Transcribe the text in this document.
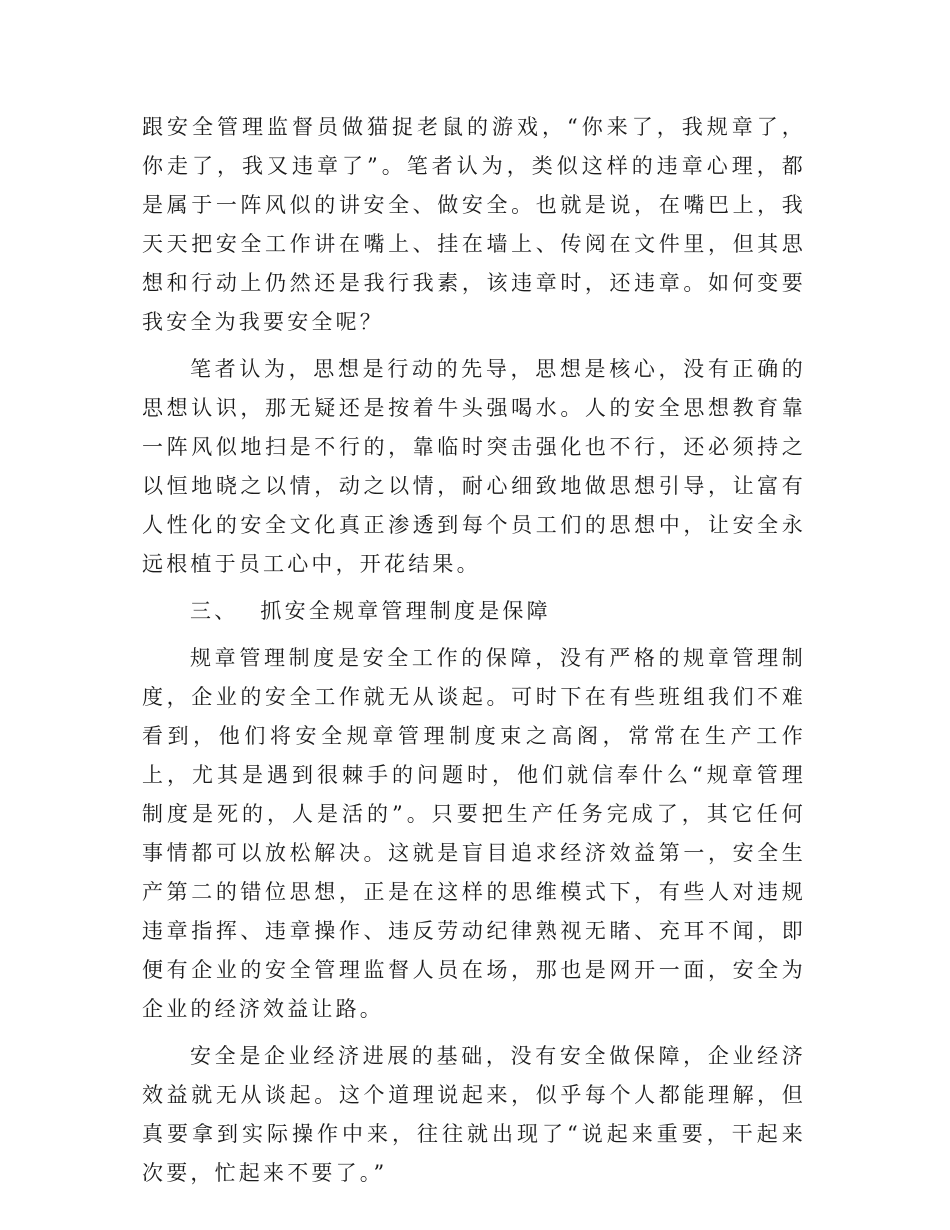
跟安全管理监督员做猫捉老鼠的游戏，“你来了，我规章了，你走了，我又违章了”。笔者认为，类似这样的违章心理，都是属于一阵风似的讲安全、做安全。也就是说，在嘴巴上，我天天把安全工作讲在嘴上、挂在墙上、传阅在文件里，但其思想和行动上仍然还是我行我素，该违章时，还违章。如何变要我安全为我要安全呢？

笔者认为，思想是行动的先导，思想是核心，没有正确的思想认识，那无疑还是按着牛头强喝水。人的安全思想教育靠一阵风似地扫是不行的，靠临时突击强化也不行，还必须持之以恒地晓之以情，动之以情，耐心细致地做思想引导，让富有人性化的安全文化真正渗透到每个员工们的思想中，让安全永远根植于员工心中，开花结果。

三、 抓安全规章管理制度是保障

规章管理制度是安全工作的保障，没有严格的规章管理制度，企业的安全工作就无从谈起。可时下在有些班组我们不难看到，他们将安全规章管理制度束之高阁，常常在生产工作上，尤其是遇到很棘手的问题时，他们就信奉什么“规章管理制度是死的，人是活的”。只要把生产任务完成了，其它任何事情都可以放松解决。这就是盲目追求经济效益第一，安全生产第二的错位思想，正是在这样的思维模式下，有些人对违规违章指挥、违章操作、违反劳动纪律熟视无睹、充耳不闻，即便有企业的安全管理监督人员在场，那也是网开一面，安全为企业的经济效益让路。

安全是企业经济进展的基础，没有安全做保障，企业经济效益就无从谈起。这个道理说起来，似乎每个人都能理解，但真要拿到实际操作中来，往往就出现了“说起来重要，干起来次要，忙起来不要了。”
